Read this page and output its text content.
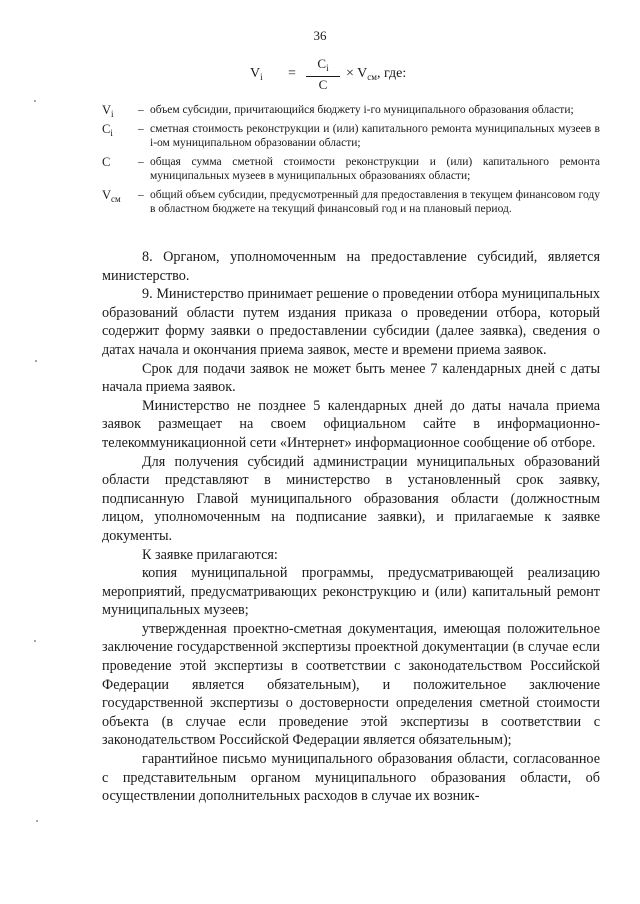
36
$V_i = \frac{C_i}{C} \times V_{см}$, где:
$V_i$ – объем субсидии, причитающийся бюджету i-го муниципального образования области;
$C_i$ – сметная стоимость реконструкции и (или) капитального ремонта муниципальных музеев в i-ом муниципальном образовании области;
C – общая сумма сметной стоимости реконструкции и (или) капитального ремонта муниципальных музеев в муниципальных образованиях области;
$V_{см}$ – общий объем субсидии, предусмотренный для предоставления в текущем финансовом году в областном бюджете на текущий финансовый год и на плановый период.

8. Органом, уполномоченным на предоставление субсидий, является министерство.

9. Министерство принимает решение о проведении отбора муниципальных образований области путем издания приказа о проведении отбора, который содержит форму заявки о предоставлении субсидии (далее заявка), сведения о датах начала и окончания приема заявок, месте и времени приема заявок.

Срок для подачи заявок не может быть менее 7 календарных дней с даты начала приема заявок.

Министерство не позднее 5 календарных дней до даты начала приема заявок размещает на своем официальном сайте в информационно-телекоммуникационной сети «Интернет» информационное сообщение об отборе.

Для получения субсидий администрации муниципальных образований области представляют в министерство в установленный срок заявку, подписанную Главой муниципального образования области (должностным лицом, уполномоченным на подписание заявки), и прилагаемые к заявке документы.

К заявке прилагаются:

копия муниципальной программы, предусматривающей реализацию мероприятий, предусматривающих реконструкцию и (или) капитальный ремонт муниципальных музеев;

утвержденная проектно-сметная документация, имеющая положительное заключение государственной экспертизы проектной документации (в случае если проведение этой экспертизы в соответствии с законодательством Российской Федерации является обязательным), и положительное заключение государственной экспертизы о достоверности определения сметной стоимости объекта (в случае если проведение этой экспертизы в соответствии с законодательством Российской Федерации является обязательным);

гарантийное письмо муниципального образования области, согласованное с представительным органом муниципального образования области, об осуществлении дополнительных расходов в случае их возник-
